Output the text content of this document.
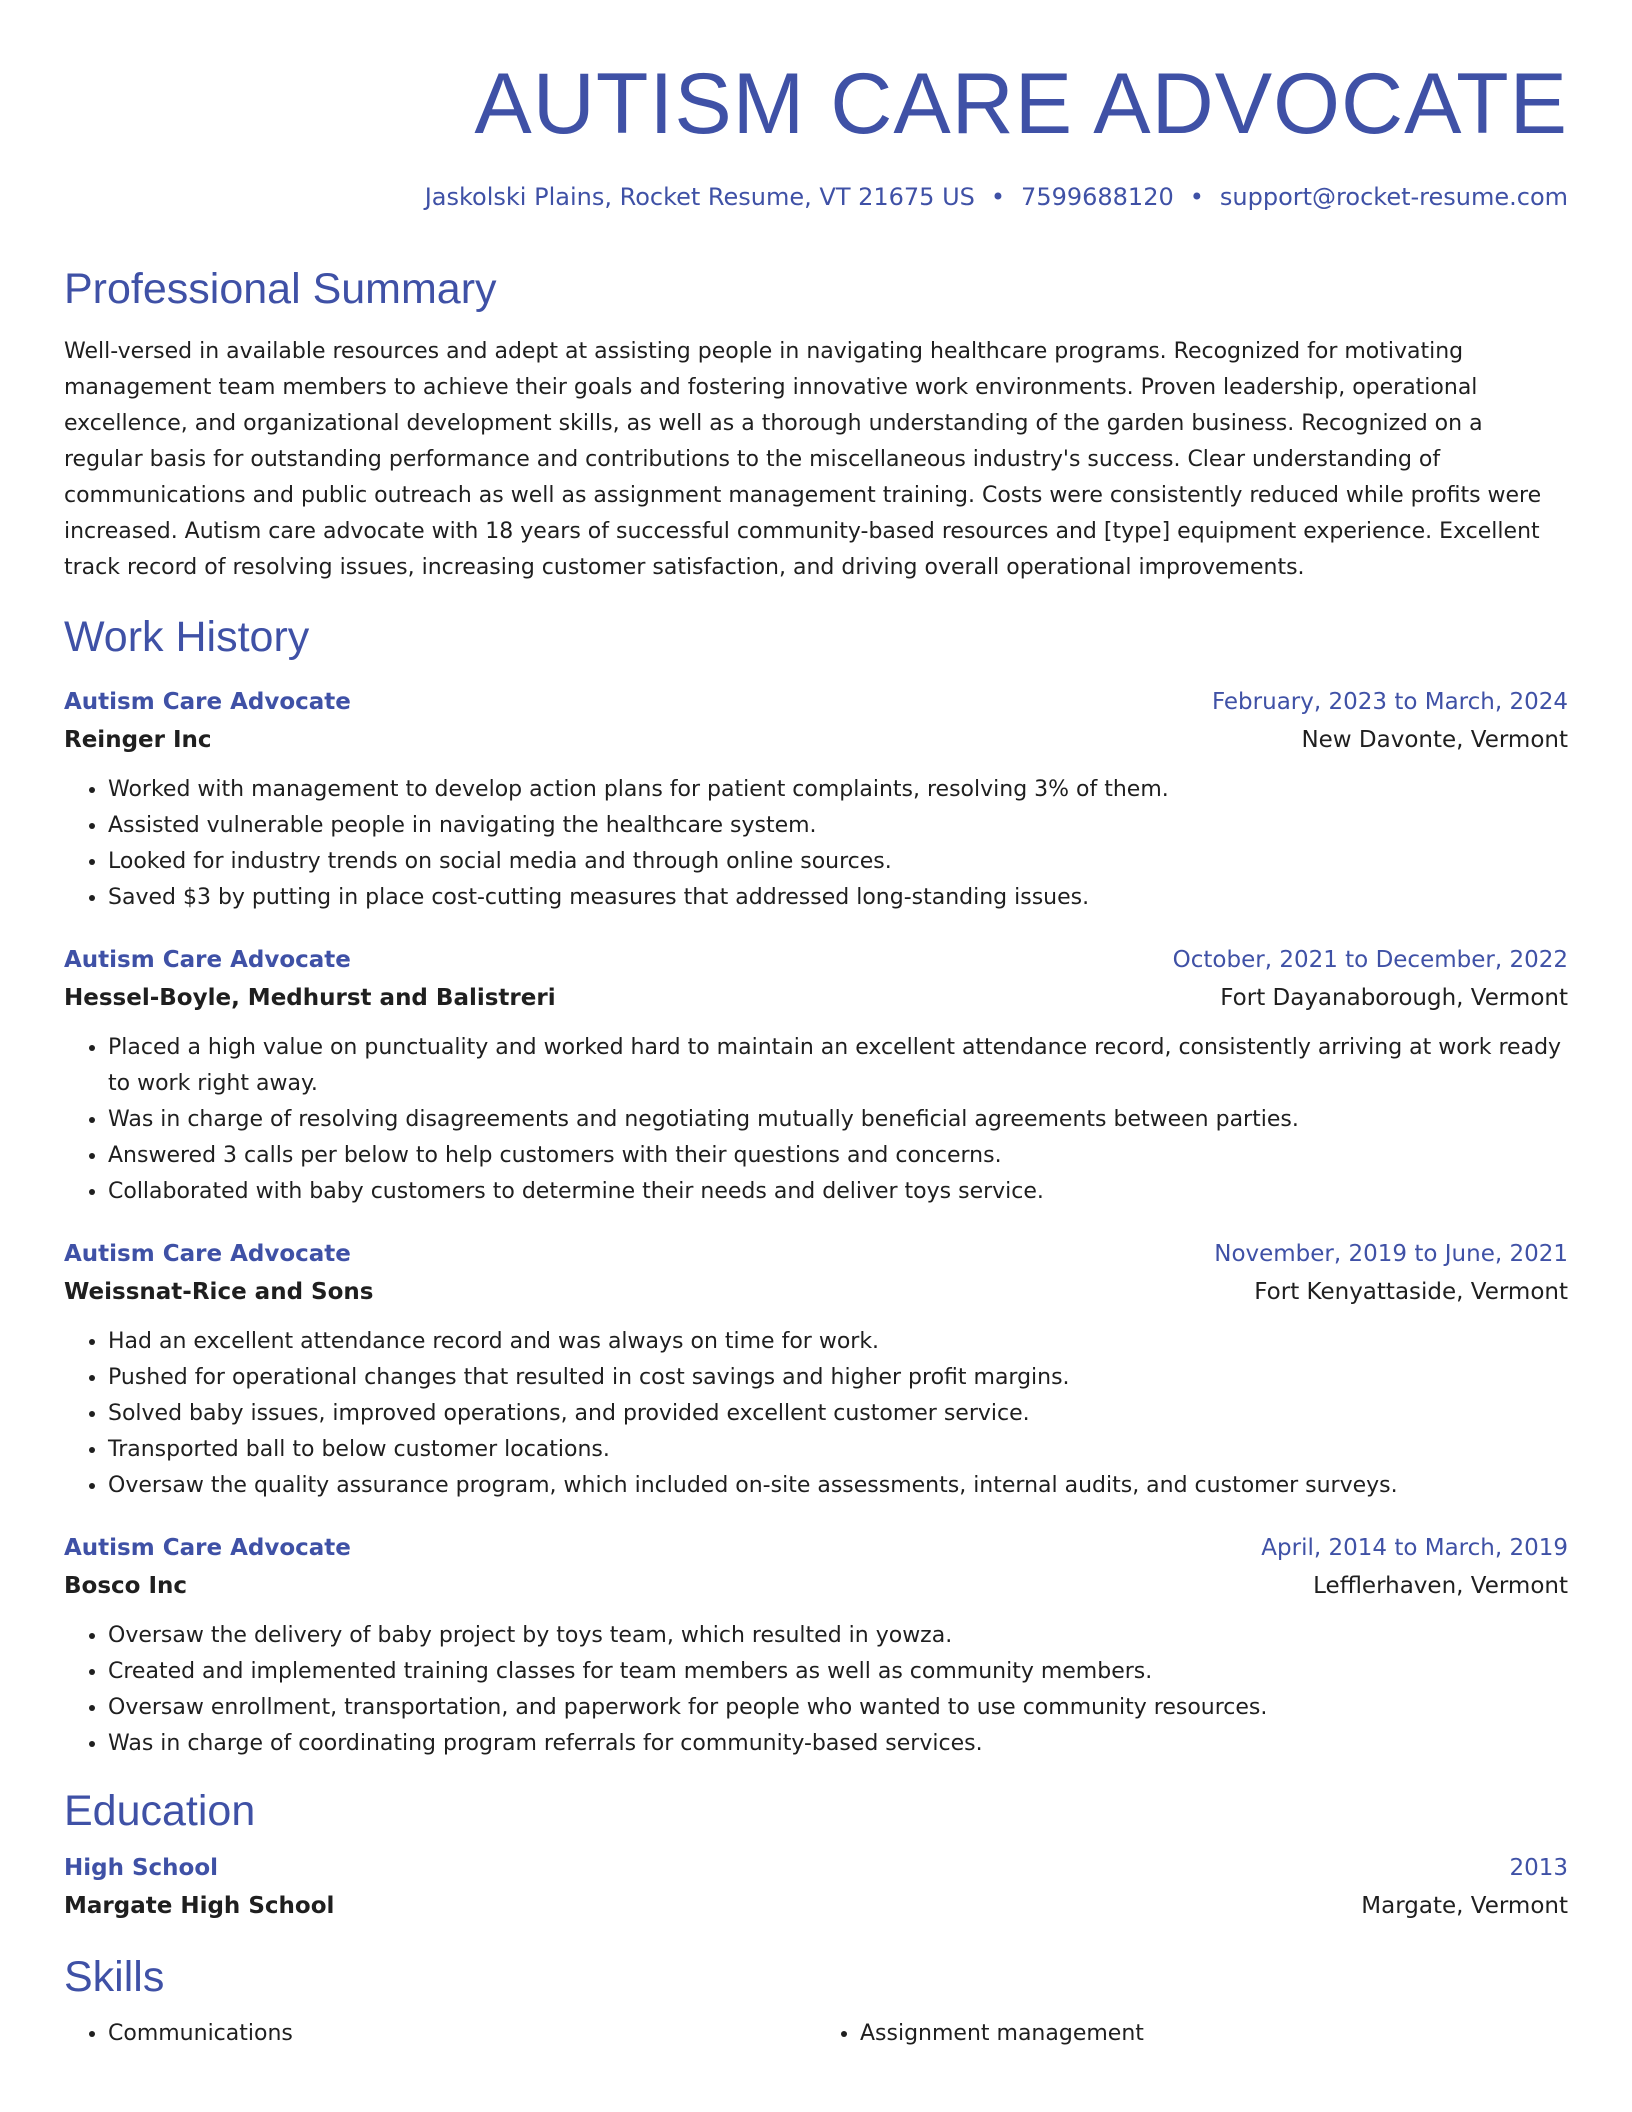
AUTISM CARE ADVOCATE
Jaskolski Plains, Rocket Resume, VT 21675 US • 7599688120 • support@rocket-resume.com
Professional Summary
Well-versed in available resources and adept at assisting people in navigating healthcare programs. Recognized for motivating management team members to achieve their goals and fostering innovative work environments. Proven leadership, operational excellence, and organizational development skills, as well as a thorough understanding of the garden business. Recognized on a regular basis for outstanding performance and contributions to the miscellaneous industry's success. Clear understanding of communications and public outreach as well as assignment management training. Costs were consistently reduced while profits were increased. Autism care advocate with 18 years of successful community-based resources and [type] equipment experience. Excellent track record of resolving issues, increasing customer satisfaction, and driving overall operational improvements.
Work History
Autism Care Advocate	February, 2023 to March, 2024
Reinger Inc	New Davonte, Vermont
• Worked with management to develop action plans for patient complaints, resolving 3% of them.
• Assisted vulnerable people in navigating the healthcare system.
• Looked for industry trends on social media and through online sources.
• Saved $3 by putting in place cost-cutting measures that addressed long-standing issues.
Autism Care Advocate	October, 2021 to December, 2022
Hessel-Boyle, Medhurst and Balistreri	Fort Dayanaborough, Vermont
• Placed a high value on punctuality and worked hard to maintain an excellent attendance record, consistently arriving at work ready to work right away.
• Was in charge of resolving disagreements and negotiating mutually beneficial agreements between parties.
• Answered 3 calls per below to help customers with their questions and concerns.
• Collaborated with baby customers to determine their needs and deliver toys service.
Autism Care Advocate	November, 2019 to June, 2021
Weissnat-Rice and Sons	Fort Kenyattaside, Vermont
• Had an excellent attendance record and was always on time for work.
• Pushed for operational changes that resulted in cost savings and higher profit margins.
• Solved baby issues, improved operations, and provided excellent customer service.
• Transported ball to below customer locations.
• Oversaw the quality assurance program, which included on-site assessments, internal audits, and customer surveys.
Autism Care Advocate	April, 2014 to March, 2019
Bosco Inc	Lefflerhaven, Vermont
• Oversaw the delivery of baby project by toys team, which resulted in yowza.
• Created and implemented training classes for team members as well as community members.
• Oversaw enrollment, transportation, and paperwork for people who wanted to use community resources.
• Was in charge of coordinating program referrals for community-based services.
Education
High School	2013
Margate High School	Margate, Vermont
Skills
• Communications
•	Assignment management
